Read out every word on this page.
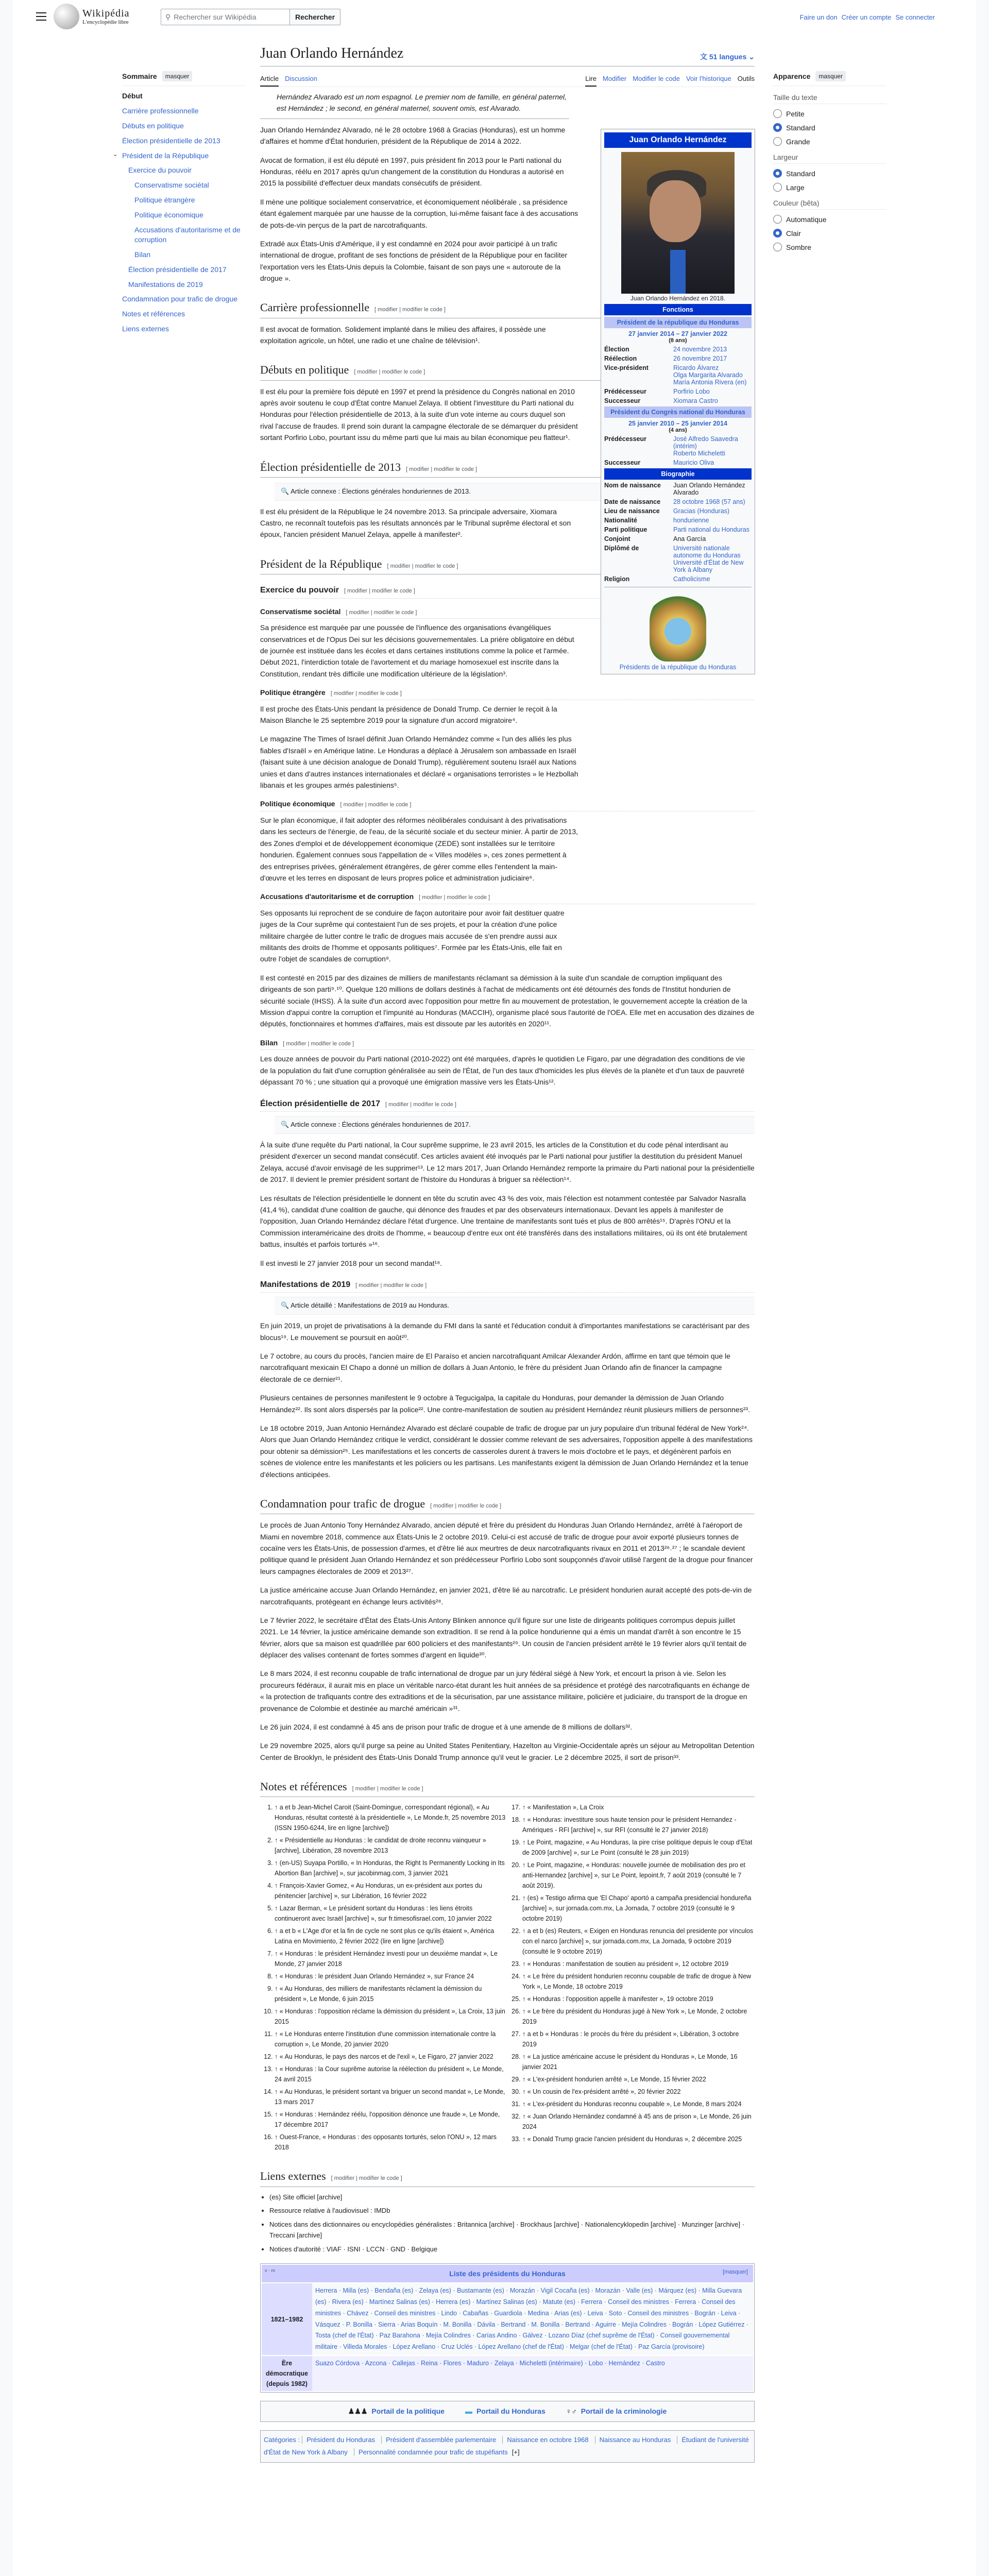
Wikipédia
L'encyclopédie libre
⚲ Rechercher sur Wikipédia	Rechercher	Faire un don Créer un compte Se connecter
Sommaire	masquer
Début
Carrière professionnelle
Débuts en politique
Élection présidentielle de 2013
⌄ Président de la République
Exercice du pouvoir
Conservatisme sociétal
Politique étrangère
Politique économique
Accusations d'autoritarisme et de corruption
Bilan
Élection présidentielle de 2017
Manifestations de 2019
Condamnation pour trafic de drogue
Notes et références
Liens externes
Juan Orlando Hernández	文 51 langues ⌄
Article Discussion	Lire Modifier Modifier le code Voir l'historique Outils
Hernández Alvarado est un nom espagnol. Le premier nom de famille, en général paternel, est Hernández ; le second, en général maternel, souvent omis, est Alvarado.

Juan Orlando Hernández Alvarado, né le 28 octobre 1968 à Gracias (Honduras), est un homme d'affaires et homme d'État hondurien, président de la République de 2014 à 2022.

Avocat de formation, il est élu député en 1997, puis président fin 2013 pour le Parti national du Honduras, réélu en 2017 après qu'un changement de la constitution du Honduras a autorisé en 2015 la possibilité d'effectuer deux mandats consécutifs de président.

Il mène une politique socialement conservatrice, et économiquement néolibérale , sa présidence étant également marquée par une hausse de la corruption, lui-même faisant face à des accusations de pots-de-vin perçus de la part de narcotrafiquants.

Extradé aux États-Unis d'Amérique, il y est condamné en 2024 pour avoir participé à un trafic international de drogue, profitant de ses fonctions de président de la République pour en faciliter l'exportation vers les États-Unis depuis la Colombie, faisant de son pays une « autoroute de la drogue ».

Carrière professionnelle [ modifier | modifier le code ]

Il est avocat de formation. Solidement implanté dans le milieu des affaires, il possède une exploitation agricole, un hôtel, une radio et une chaîne de télévision¹.

Débuts en politique [ modifier | modifier le code ]

Il est élu pour la première fois député en 1997 et prend la présidence du Congrès national en 2010 après avoir soutenu le coup d'État contre Manuel Zelaya. Il obtient l'investiture du Parti national du Honduras pour l'élection présidentielle de 2013, à la suite d'un vote interne au cours duquel son rival l'accuse de fraudes. Il prend soin durant la campagne électorale de se démarquer du président sortant Porfirio Lobo, pourtant issu du même parti que lui mais au bilan économique peu flatteur¹.

Élection présidentielle de 2013 [ modifier | modifier le code ]
🔍 Article connexe : Élections générales honduriennes de 2013.

Il est élu président de la République le 24 novembre 2013. Sa principale adversaire, Xiomara Castro, ne reconnaît toutefois pas les résultats annoncés par le Tribunal suprême électoral et son époux, l'ancien président Manuel Zelaya, appelle à manifester².

Président de la République [ modifier | modifier le code ]
Exercice du pouvoir [ modifier | modifier le code ]
Conservatisme sociétal [ modifier | modifier le code ]

Sa présidence est marquée par une poussée de l'influence des organisations évangéliques conservatrices et de l'Opus Dei sur les décisions gouvernementales. La prière obligatoire en début de journée est instituée dans les écoles et dans certaines institutions comme la police et l'armée. Début 2021, l'interdiction totale de l'avortement et du mariage homosexuel est inscrite dans la Constitution, rendant très difficile une modification ultérieure de la législation³.

Politique étrangère [ modifier | modifier le code ]

Il est proche des États-Unis pendant la présidence de Donald Trump. Ce dernier le reçoit à la Maison Blanche le 25 septembre 2019 pour la signature d'un accord migratoire⁴.

Le magazine The Times of Israel définit Juan Orlando Hernández comme « l'un des alliés les plus fiables d'Israël » en Amérique latine. Le Honduras a déplacé à Jérusalem son ambassade en Israël (faisant suite à une décision analogue de Donald Trump), régulièrement soutenu Israël aux Nations unies et dans d'autres instances internationales et déclaré « organisations terroristes » le Hezbollah libanais et les groupes armés palestiniens⁵.

Politique économique [ modifier | modifier le code ]

Sur le plan économique, il fait adopter des réformes néolibérales conduisant à des privatisations dans les secteurs de l'énergie, de l'eau, de la sécurité sociale et du secteur minier. À partir de 2013, des Zones d'emploi et de développement économique (ZEDE) sont installées sur le territoire hondurien. Également connues sous l'appellation de « Villes modèles », ces zones permettent à des entreprises privées, généralement étrangères, de gérer comme elles l'entendent la main-d'œuvre et les terres en disposant de leurs propres police et administration judiciaire⁶.

Accusations d'autoritarisme et de corruption [ modifier | modifier le code ]

Ses opposants lui reprochent de se conduire de façon autoritaire pour avoir fait destituer quatre juges de la Cour suprême qui contestaient l'un de ses projets, et pour la création d'une police militaire chargée de lutter contre le trafic de drogues mais accusée de s'en prendre aussi aux militants des droits de l'homme et opposants politiques⁷. Formée par les États-Unis, elle fait en outre l'objet de scandales de corruption⁸.

Il est contesté en 2015 par des dizaines de milliers de manifestants réclamant sa démission à la suite d'un scandale de corruption impliquant des dirigeants de son parti⁹˒¹⁰. Quelque 120 millions de dollars destinés à l'achat de médicaments ont été détournés des fonds de l'Institut hondurien de sécurité sociale (IHSS). À la suite d'un accord avec l'opposition pour mettre fin au mouvement de protestation, le gouvernement accepte la création de la Mission d'appui contre la corruption et l'impunité au Honduras (MACCIH), organisme placé sous l'autorité de l'OEA. Elle met en accusation des dizaines de députés, fonctionnaires et hommes d'affaires, mais est dissoute par les autorités en 2020¹¹.

Bilan [ modifier | modifier le code ]

Les douze années de pouvoir du Parti national (2010-2022) ont été marquées, d'après le quotidien Le Figaro, par une dégradation des conditions de vie de la population du fait d'une corruption généralisée au sein de l'État, de l'un des taux d'homicides les plus élevés de la planète et d'un taux de pauvreté dépassant 70 % ; une situation qui a provoqué une émigration massive vers les États-Unis¹².

Élection présidentielle de 2017 [ modifier | modifier le code ]
🔍 Article connexe : Élections générales honduriennes de 2017.

À la suite d'une requête du Parti national, la Cour suprême supprime, le 23 avril 2015, les articles de la Constitution et du code pénal interdisant au président d'exercer un second mandat consécutif. Ces articles avaient été invoqués par le Parti national pour justifier la destitution du président Manuel Zelaya, accusé d'avoir envisagé de les supprimer¹³. Le 12 mars 2017, Juan Orlando Hernández remporte la primaire du Parti national pour la présidentielle de 2017. Il devient le premier président sortant de l'histoire du Honduras à briguer sa réélection¹⁴.

Les résultats de l'élection présidentielle le donnent en tête du scrutin avec 43 % des voix, mais l'élection est notamment contestée par Salvador Nasralla (41,4 %), candidat d'une coalition de gauche, qui dénonce des fraudes et par des observateurs internationaux. Devant les appels à manifester de l'opposition, Juan Orlando Hernández déclare l'état d'urgence. Une trentaine de manifestants sont tués et plus de 800 arrêtés¹⁵. D'après l'ONU et la Commission interaméricaine des droits de l'homme, « beaucoup d'entre eux ont été transférés dans des installations militaires, où ils ont été brutalement battus, insultés et parfois torturés »¹⁶.

Il est investi le 27 janvier 2018 pour un second mandat¹⁸.

Manifestations de 2019 [ modifier | modifier le code ]
🔍 Article détaillé : Manifestations de 2019 au Honduras.

En juin 2019, un projet de privatisations à la demande du FMI dans la santé et l'éducation conduit à d'importantes manifestations se caractérisant par des blocus¹⁹. Le mouvement se poursuit en août²⁰.

Le 7 octobre, au cours du procès, l'ancien maire de El Paraíso et ancien narcotrafiquant Amilcar Alexander Ardón, affirme en tant que témoin que le narcotrafiquant mexicain El Chapo a donné un million de dollars à Juan Antonio, le frère du président Juan Orlando afin de financer la campagne électorale de ce dernier²¹.

Plusieurs centaines de personnes manifestent le 9 octobre à Tegucigalpa, la capitale du Honduras, pour demander la démission de Juan Orlando Hernández²². Ils sont alors dispersés par la police²². Une contre-manifestation de soutien au président Hernández réunit plusieurs milliers de personnes²³.

Le 18 octobre 2019, Juan Antonio Hernández Alvarado est déclaré coupable de trafic de drogue par un jury populaire d'un tribunal fédéral de New York²⁴. Alors que Juan Orlando Hernández critique le verdict, considérant le dossier comme relevant de ses adversaires, l'opposition appelle à des manifestations pour obtenir sa démission²⁵. Les manifestations et les concerts de casseroles durent à travers le mois d'octobre et le pays, et dégénèrent parfois en scènes de violence entre les manifestants et les policiers ou les partisans. Les manifestants exigent la démission de Juan Orlando Hernández et la tenue d'élections anticipées.

Condamnation pour trafic de drogue [ modifier | modifier le code ]

Le procès de Juan Antonio Tony Hernández Alvarado, ancien député et frère du président du Honduras Juan Orlando Hernández, arrêté à l'aéroport de Miami en novembre 2018, commence aux États-Unis le 2 octobre 2019. Celui-ci est accusé de trafic de drogue pour avoir exporté plusieurs tonnes de cocaïne vers les États-Unis, de possession d'armes, et d'être lié aux meurtres de deux narcotrafiquants rivaux en 2011 et 2013²⁶˒²⁷ ; le scandale devient politique quand le président Juan Orlando Hernández et son prédécesseur Porfirio Lobo sont soupçonnés d'avoir utilisé l'argent de la drogue pour financer leurs campagnes électorales de 2009 et 2013²⁷.

La justice américaine accuse Juan Orlando Hernández, en janvier 2021, d'être lié au narcotrafic. Le président hondurien aurait accepté des pots-de-vin de narcotrafiquants, protégeant en échange leurs activités²⁸.

Le 7 février 2022, le secrétaire d'État des États-Unis Antony Blinken annonce qu'il figure sur une liste de dirigeants politiques corrompus depuis juillet 2021. Le 14 février, la justice américaine demande son extradition. Il se rend à la police hondurienne qui a émis un mandat d'arrêt à son encontre le 15 février, alors que sa maison est quadrillée par 600 policiers et des manifestants²⁹. Un cousin de l'ancien président arrêté le 19 février alors qu'il tentait de déplacer des valises contenant de fortes sommes d'argent en liquide³⁰.

Le 8 mars 2024, il est reconnu coupable de trafic international de drogue par un jury fédéral siégé à New York, et encourt la prison à vie. Selon les procureurs fédéraux, il aurait mis en place un véritable narco-état durant les huit années de sa présidence et protégé des narcotrafiquants en échange de « la protection de trafiquants contre des extraditions et de la sécurisation, par une assistance militaire, policière et judiciaire, du transport de la drogue en provenance de Colombie et destinée au marché américain »³¹.

Le 26 juin 2024, il est condamné à 45 ans de prison pour trafic de drogue et à une amende de 8 millions de dollars³².

Le 29 novembre 2025, alors qu'il purge sa peine au United States Penitentiary, Hazelton au Virginie-Occidentale après un séjour au Metropolitan Detention Center de Brooklyn, le président des États-Unis Donald Trump annonce qu'il veut le gracier. Le 2 décembre 2025, il sort de prison³³.

Notes et références [ modifier | modifier le code ]
1. ↑ a et b Jean-Michel Caroit (Saint-Domingue, correspondant régional), « Au Honduras, résultat contesté à la présidentielle », Le Monde.fr, 25 novembre 2013 (ISSN 1950-6244, lire en ligne [archive])
2. ↑ « Présidentielle au Honduras : le candidat de droite reconnu vainqueur » [archive], Libération, 28 novembre 2013
3. ↑ (en-US) Suyapa Portillo, « In Honduras, the Right Is Permanently Locking in Its Abortion Ban [archive] », sur jacobinmag.com, 3 janvier 2021
4. ↑ François-Xavier Gomez, « Au Honduras, un ex-président aux portes du pénitencier [archive] », sur Libération, 16 février 2022
5. ↑ Lazar Berman, « Le président sortant du Honduras : les liens étroits continueront avec Israël [archive] », sur fr.timesofisrael.com, 10 janvier 2022
6. ↑ a et b « L'Age d'or et la fin de cycle ne sont plus ce qu'ils étaient », América Latina en Movimiento, 2 février 2022 (lire en ligne [archive])
7. ↑ « Honduras : le président Hernández investi pour un deuxième mandat », Le Monde, 27 janvier 2018
8. ↑ « Honduras : le président Juan Orlando Hernández », sur France 24
9. ↑ « Au Honduras, des milliers de manifestants réclament la démission du président », Le Monde, 6 juin 2015
10. ↑ « Honduras : l'opposition réclame la démission du président », La Croix, 13 juin 2015
11. ↑ « Le Honduras enterre l'institution d'une commission internationale contre la corruption », Le Monde, 20 janvier 2020
12. ↑ « Au Honduras, le pays des narcos et de l'exil », Le Figaro, 27 janvier 2022
13. ↑ « Honduras : la Cour suprême autorise la réélection du président », Le Monde, 24 avril 2015
14. ↑ « Au Honduras, le président sortant va briguer un second mandat », Le Monde, 13 mars 2017
15. ↑ « Honduras : Hernández réélu, l'opposition dénonce une fraude », Le Monde, 17 décembre 2017
16. ↑ Ouest-France, « Honduras : des opposants torturés, selon l'ONU », 12 mars 2018
17. ↑ « Manifestation », La Croix
18. ↑ « Honduras: investiture sous haute tension pour le président Hernandez - Amériques - RFI [archive] », sur RFI (consulté le 27 janvier 2018)
19. ↑ Le Point, magazine, « Au Honduras, la pire crise politique depuis le coup d'Etat de 2009 [archive] », sur Le Point (consulté le 28 juin 2019)
20. ↑ Le Point, magazine, « Honduras: nouvelle journée de mobilisation des pro et anti-Hernandez [archive] », sur Le Point, lepoint.fr, 7 août 2019 (consulté le 7 août 2019).
21. ↑ (es) « Testigo afirma que 'El Chapo' aportó a campaña presidencial hondureña [archive] », sur jornada.com.mx, La Jornada, 7 octobre 2019 (consulté le 9 octobre 2019)
22. ↑ a et b (es) Reuters, « Exigen en Honduras renuncia del presidente por vínculos con el narco [archive] », sur jornada.com.mx, La Jornada, 9 octobre 2019 (consulté le 9 octobre 2019)
23. ↑ « Honduras : manifestation de soutien au président », 12 octobre 2019
24. ↑ « Le frère du président hondurien reconnu coupable de trafic de drogue à New York », Le Monde, 18 octobre 2019
25. ↑ « Honduras : l'opposition appelle à manifester », 19 octobre 2019
26. ↑ « Le frère du président du Honduras jugé à New York », Le Monde, 2 octobre 2019
27. ↑ a et b « Honduras : le procès du frère du président », Libération, 3 octobre 2019
28. ↑ « La justice américaine accuse le président du Honduras », Le Monde, 16 janvier 2021
29. ↑ « L'ex-président hondurien arrêté », Le Monde, 15 février 2022
30. ↑ « Un cousin de l'ex-président arrêté », 20 février 2022
31. ↑ « L'ex-président du Honduras reconnu coupable », Le Monde, 8 mars 2024
32. ↑ « Juan Orlando Hernández condamné à 45 ans de prison », Le Monde, 26 juin 2024
33. ↑ « Donald Trump gracie l'ancien président du Honduras », 2 décembre 2025
Liens externes [ modifier | modifier le code ]
• (es) Site officiel [archive]
• Ressource relative à l'audiovisuel : IMDb
• Notices dans des dictionnaires ou encyclopédies généralistes : Britannica [archive] · Brockhaus [archive] · Nationalencyklopedin [archive] · Munzinger [archive] · Treccani [archive]
• Notices d'autorité : VIAF · ISNI · LCCN · GND · Belgique
v · m	Liste des présidents du Honduras	[masquer]
1821–1982
Herrera · Milla (es) · Bendaña (es) · Zelaya (es) · Bustamante (es) · Morazán · Vigil Cocaña (es) · Morazán · Valle (es) · Márquez (es) · Milla Guevara (es) · Rivera (es) · Martínez Salinas (es) · Herrera (es) · Martínez Salinas (es) · Matute (es) · Ferrera · Conseil des ministres · Ferrera · Conseil des ministres · Chávez · Conseil des ministres · Lindo · Cabañas · Guardiola · Medina · Arias (es) · Leiva · Soto · Conseil des ministres · Bográn · Leiva · Vásquez · P. Bonilla · Sierra · Arias Boquín · M. Bonilla · Dávila · Bertrand · M. Bonilla · Bertrand · Aguirre · Mejía Colindres · Bográn · López Gutiérrez · Tosta (chef de l'État) · Paz Barahona · Mejía Colindres · Carías Andino · Gálvez · Lozano Díaz (chef suprême de l'État) · Conseil gouvernemental militaire · Villeda Morales · López Arellano · Cruz Uclés · López Arellano (chef de l'État) · Melgar (chef de l'État) · Paz García (provisoire)
Ère démocratique (depuis 1982)
Suazo Córdova · Azcona · Callejas · Reina · Flores · Maduro · Zelaya · Micheletti (intérimaire) · Lobo · Hernández · Castro
♟♟♟ Portail de la politique	▬ Portail du Honduras	♀♂ Portail de la criminologie
Catégories : Président du Honduras Président d'assemblée parlementaire Naissance en octobre 1968 Naissance au Honduras Étudiant de l'université d'État de New York à Albany Personnalité condamnée pour trafic de stupéfiants [+]
Juan Orlando Hernández
Juan Orlando Hernández en 2018.
Fonctions
Président de la république du Honduras
27 janvier 2014 – 27 janvier 2022
(8 ans)
Élection	24 novembre 2013
Réélection	26 novembre 2017
Vice-président	Ricardo Álvarez
Olga Margarita Alvarado
María Antonia Rivera (en)
Prédécesseur	Porfirio Lobo
Successeur	Xiomara Castro
Président du Congrès national du Honduras
25 janvier 2010 – 25 janvier 2014
(4 ans)
Prédécesseur	José Alfredo Saavedra (intérim)
Roberto Micheletti
Successeur	Mauricio Oliva
Biographie
Nom de naissance	Juan Orlando Hernández Alvarado
Date de naissance	28 octobre 1968 (57 ans)
Lieu de naissance	Gracias (Honduras)
Nationalité	hondurienne
Parti politique	Parti national du Honduras
Conjoint	Ana García
Diplômé de	Université nationale autonome du Honduras
Université d'État de New York à Albany
Religion	Catholicisme
Présidents de la république du Honduras
Apparence	masquer
Taille du texte
Petite
Standard
Grande
Largeur
Standard
Large
Couleur (bêta)
Automatique
Clair
Sombre
